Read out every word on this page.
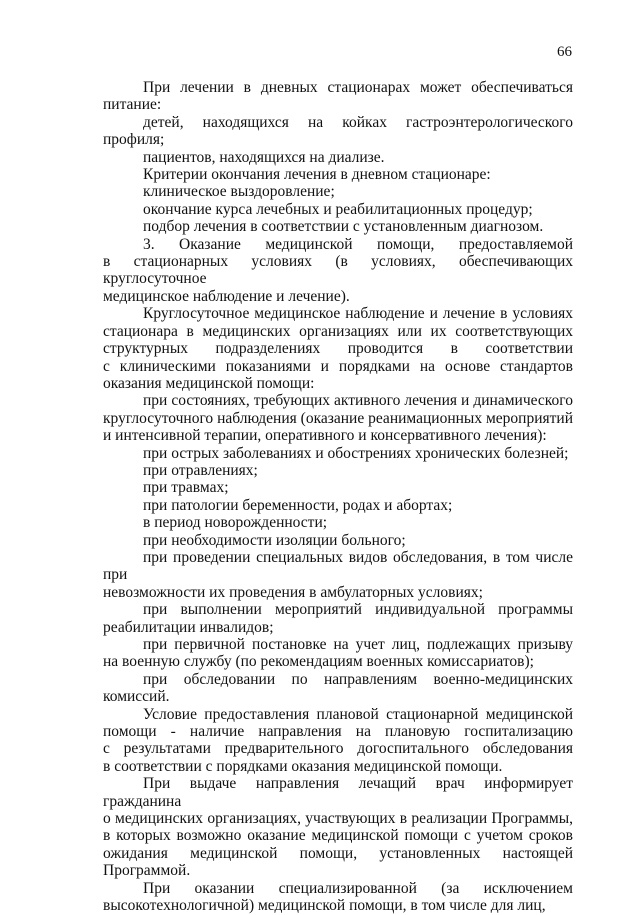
66
При лечении в дневных стационарах может обеспечиваться
питание:
детей, находящихся на койках гастроэнтерологического профиля;
пациентов, находящихся на диализе.
Критерии окончания лечения в дневном стационаре:
клиническое выздоровление;
окончание курса лечебных и реабилитационных процедур;
подбор лечения в соответствии с установленным диагнозом.
3. Оказание медицинской помощи, предоставляемой
в стационарных условиях (в условиях, обеспечивающих круглосуточное
медицинское наблюдение и лечение).
Круглосуточное медицинское наблюдение и лечение в условиях
стационара в медицинских организациях или их соответствующих
структурных подразделениях проводится в соответствии
с клиническими показаниями и порядками на основе стандартов
оказания медицинской помощи:
при состояниях, требующих активного лечения и динамического
круглосуточного наблюдения (оказание реанимационных мероприятий
и интенсивной терапии, оперативного и консервативного лечения):
при острых заболеваниях и обострениях хронических болезней;
при отравлениях;
при травмах;
при патологии беременности, родах и абортах;
в период новорожденности;
при необходимости изоляции больного;
при проведении специальных видов обследования, в том числе при
невозможности их проведения в амбулаторных условиях;
при выполнении мероприятий индивидуальной программы
реабилитации инвалидов;
при первичной постановке на учет лиц, подлежащих призыву
на военную службу (по рекомендациям военных комиссариатов);
при обследовании по направлениям военно-медицинских
комиссий.
Условие предоставления плановой стационарной медицинской
помощи - наличие направления на плановую госпитализацию
с результатами предварительного догоспитального обследования
в соответствии с порядками оказания медицинской помощи.
При выдаче направления лечащий врач информирует гражданина
о медицинских организациях, участвующих в реализации Программы,
в которых возможно оказание медицинской помощи с учетом сроков
ожидания медицинской помощи, установленных настоящей
Программой.
При оказании специализированной (за исключением
высокотехнологичной) медицинской помощи, в том числе для лиц,
